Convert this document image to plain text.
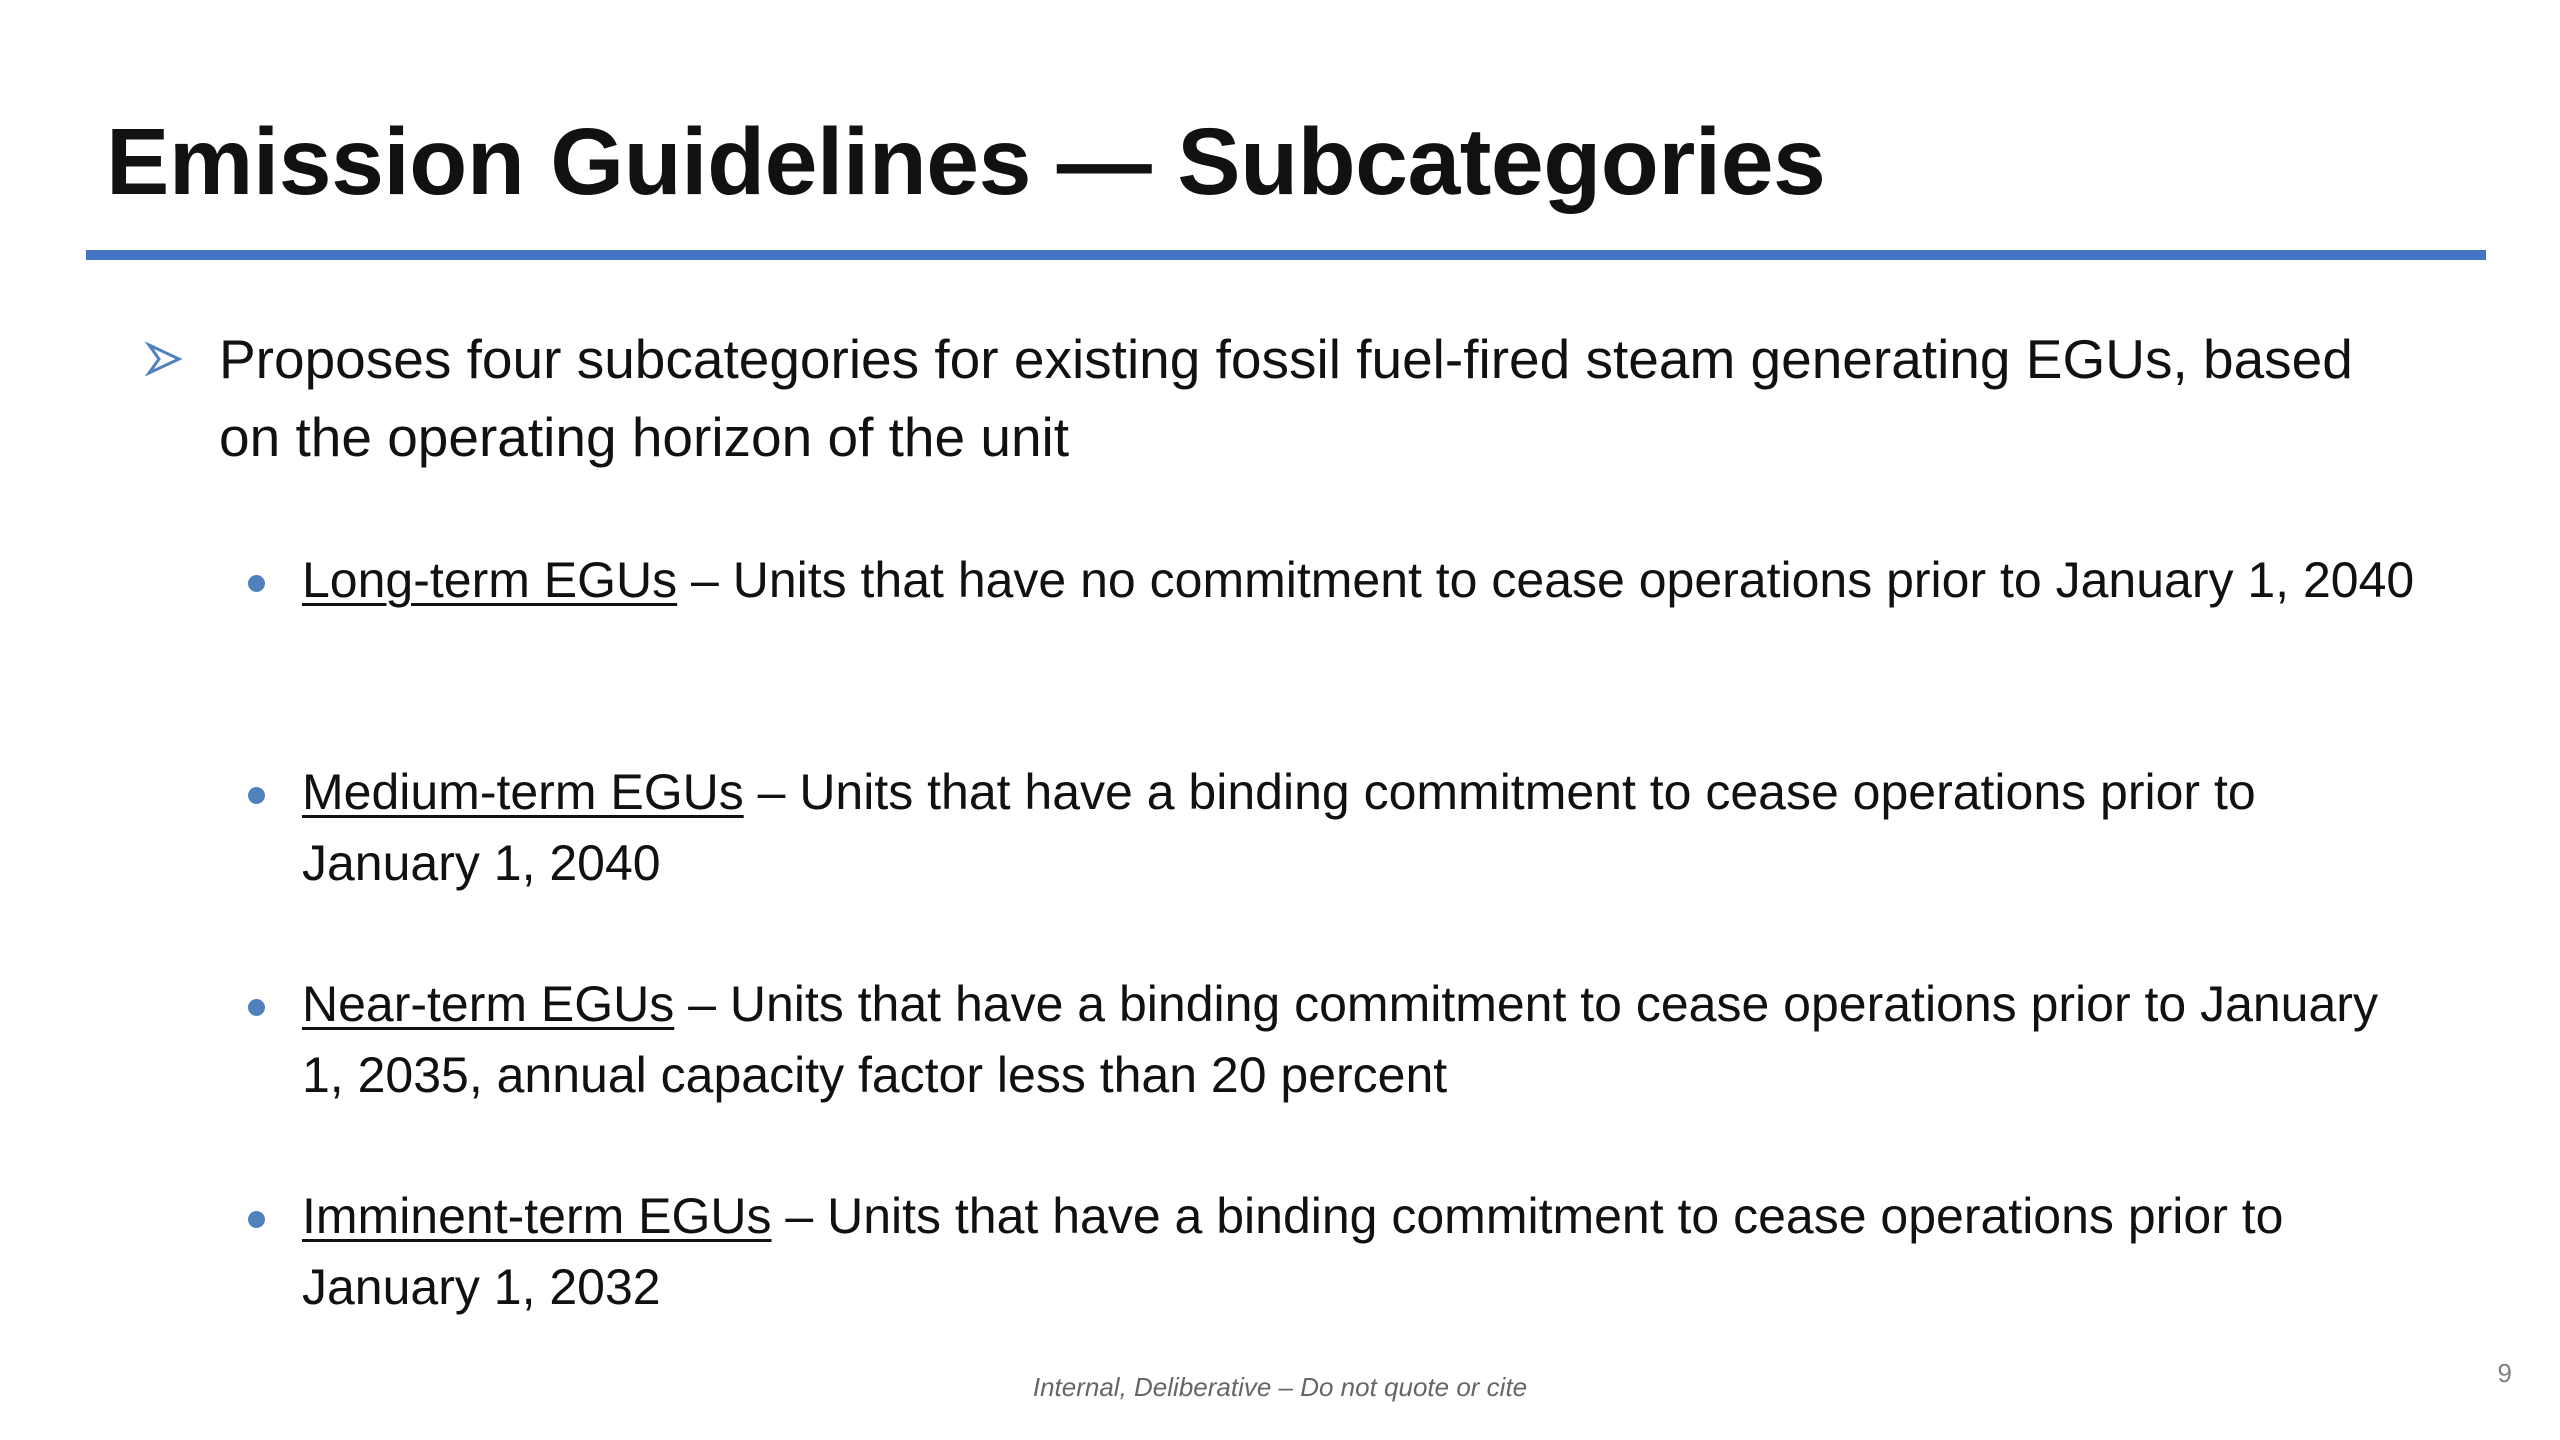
Emission Guidelines — Subcategories

Proposes four subcategories for existing fossil fuel-fired steam generating EGUs, based on the operating horizon of the unit

Long-term EGUs – Units that have no commitment to cease operations prior to January 1, 2040

Medium-term EGUs – Units that have a binding commitment to cease operations prior to January 1, 2040

Near-term EGUs – Units that have a binding commitment to cease operations prior to January 1, 2035, annual capacity factor less than 20 percent

Imminent-term EGUs – Units that have a binding commitment to cease operations prior to January 1, 2032

Internal, Deliberative – Do not quote or cite	9
